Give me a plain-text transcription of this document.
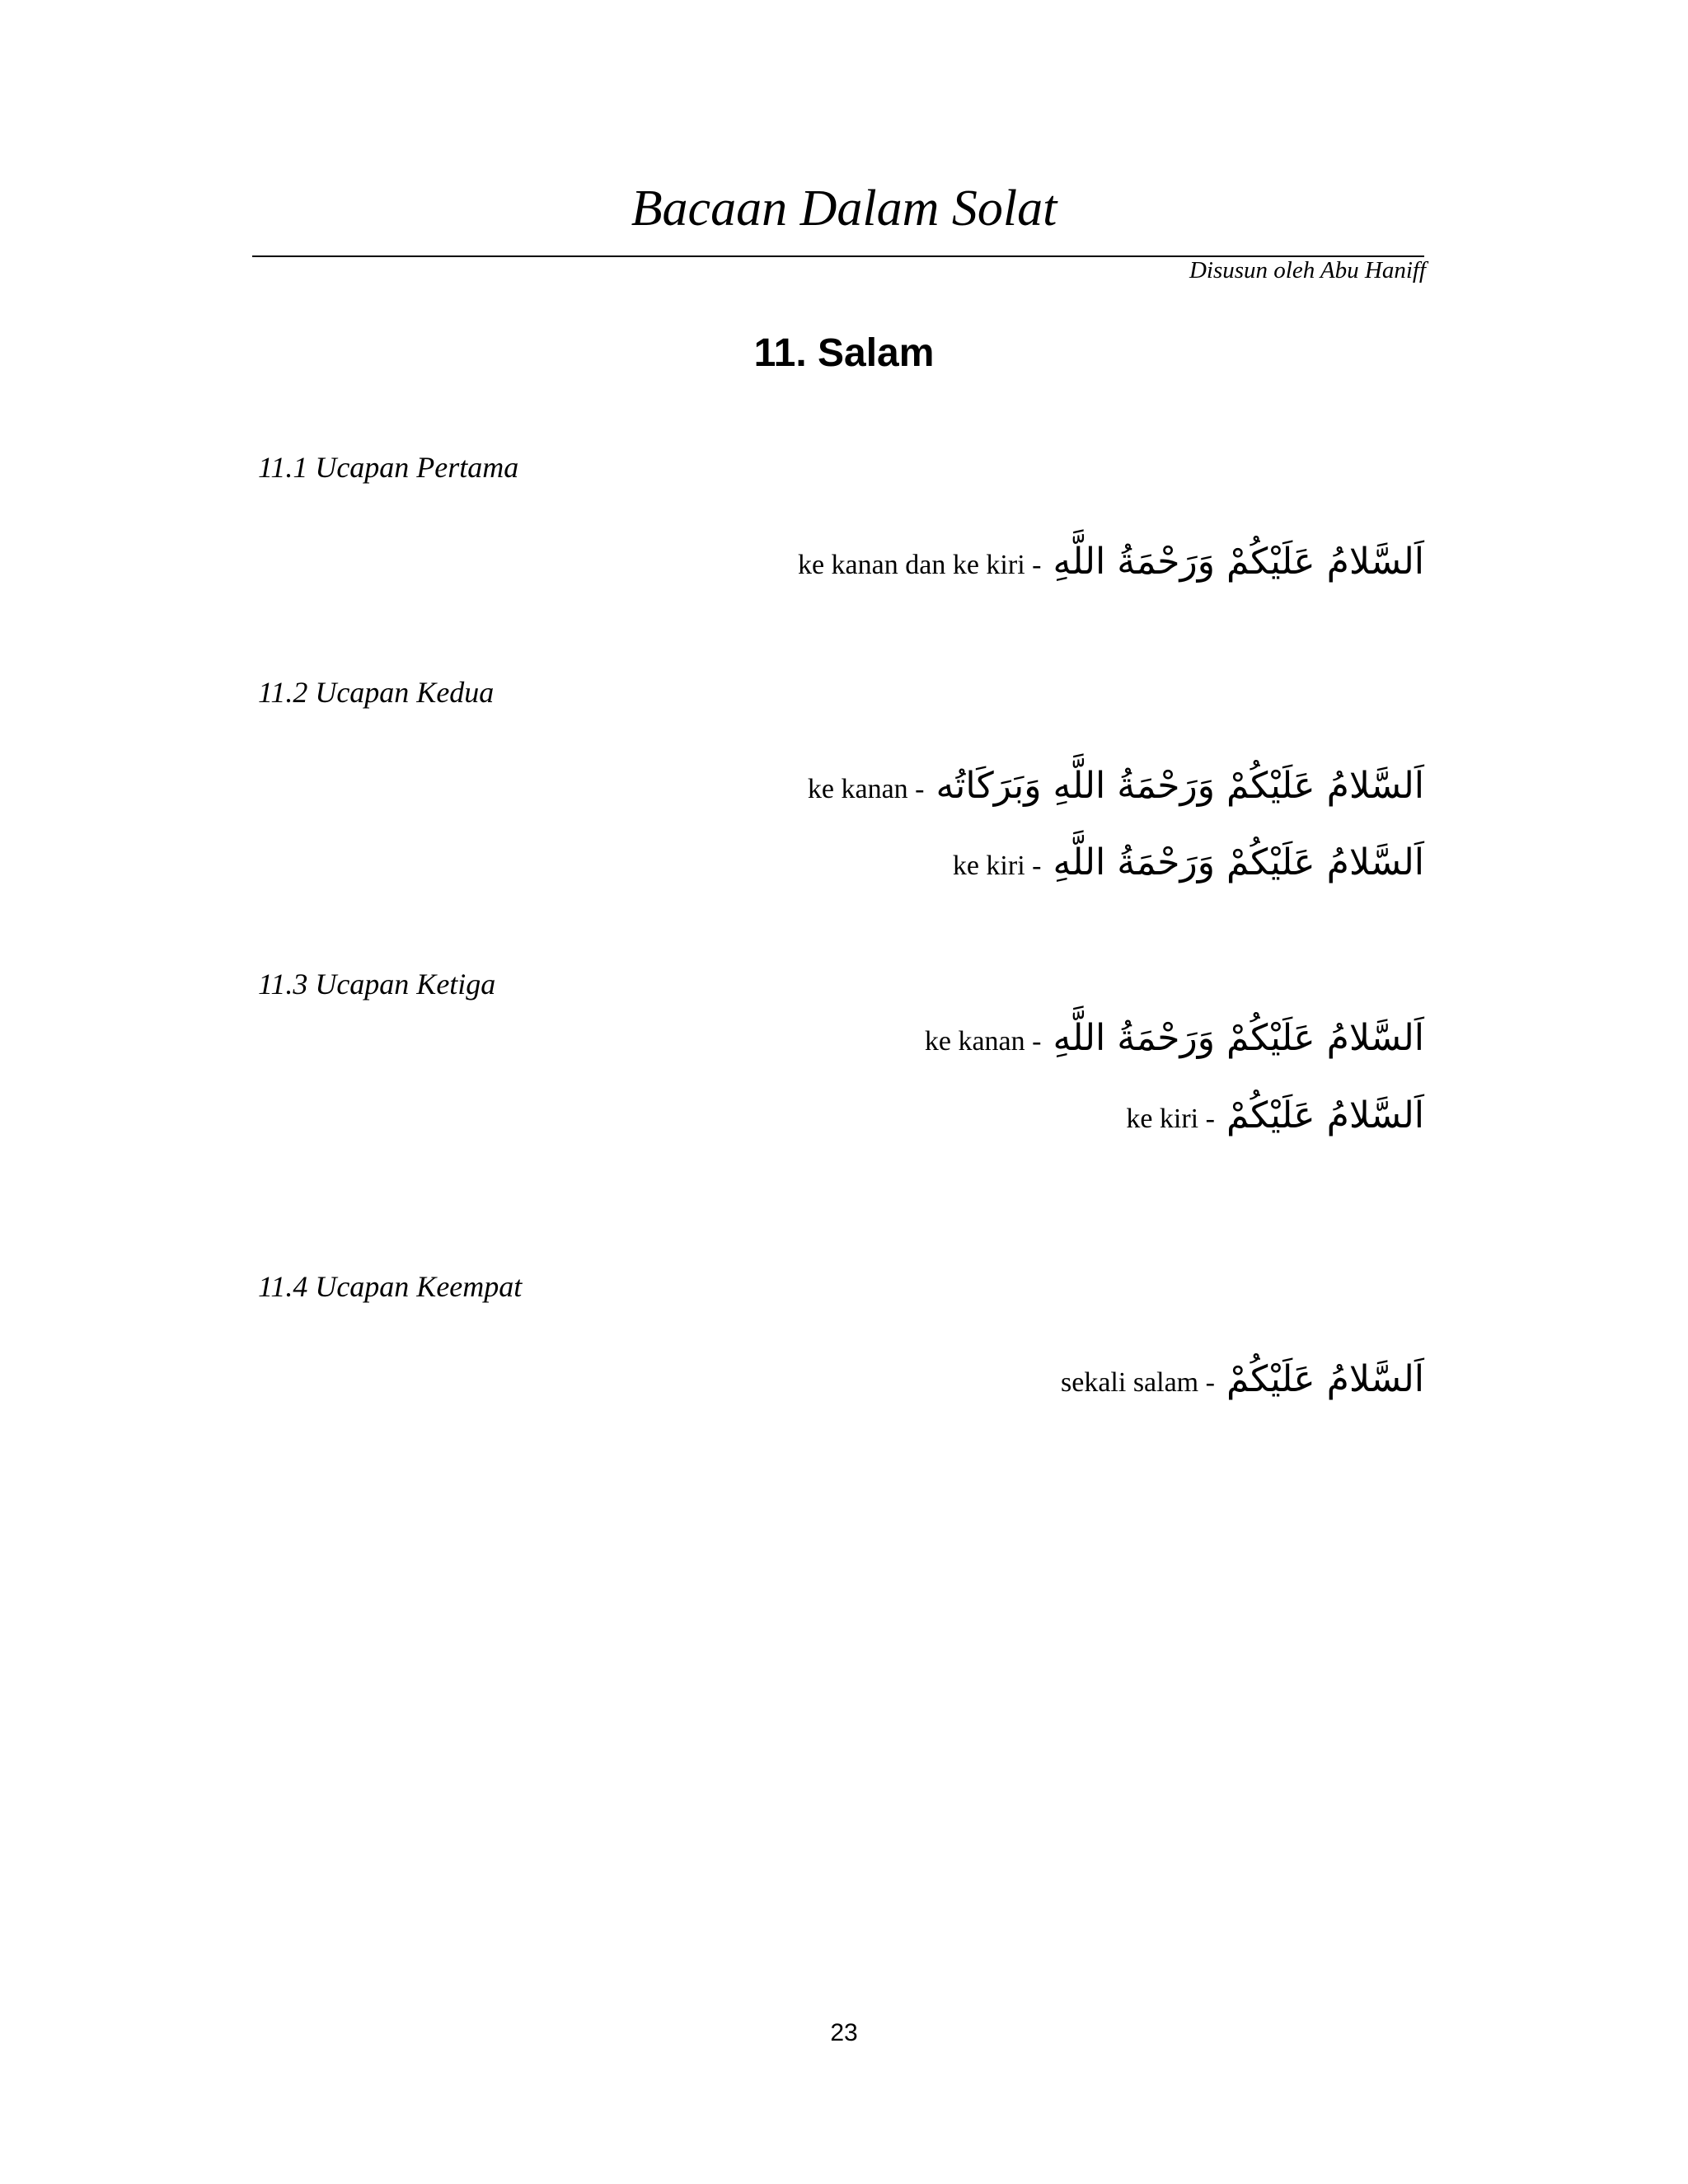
Bacaan Dalam Solat
Disusun oleh Abu Haniff
11. Salam
11.1 Ucapan Pertama
ke kanan dan ke kiri - اَلسَّلامُ عَلَيْكُمْ وَرَحْمَةُ اللَّهِ
11.2 Ucapan Kedua
ke kanan - اَلسَّلامُ عَلَيْكُمْ وَرَحْمَةُ اللَّهِ وَبَرَكَاتُه
ke kiri - اَلسَّلامُ عَلَيْكُمْ وَرَحْمَةُ اللَّهِ
11.3 Ucapan Ketiga
ke kanan - اَلسَّلامُ عَلَيْكُمْ وَرَحْمَةُ اللَّهِ
ke kiri - اَلسَّلامُ عَلَيْكُمْ
11.4 Ucapan Keempat
sekali salam - اَلسَّلامُ عَلَيْكُمْ
23
